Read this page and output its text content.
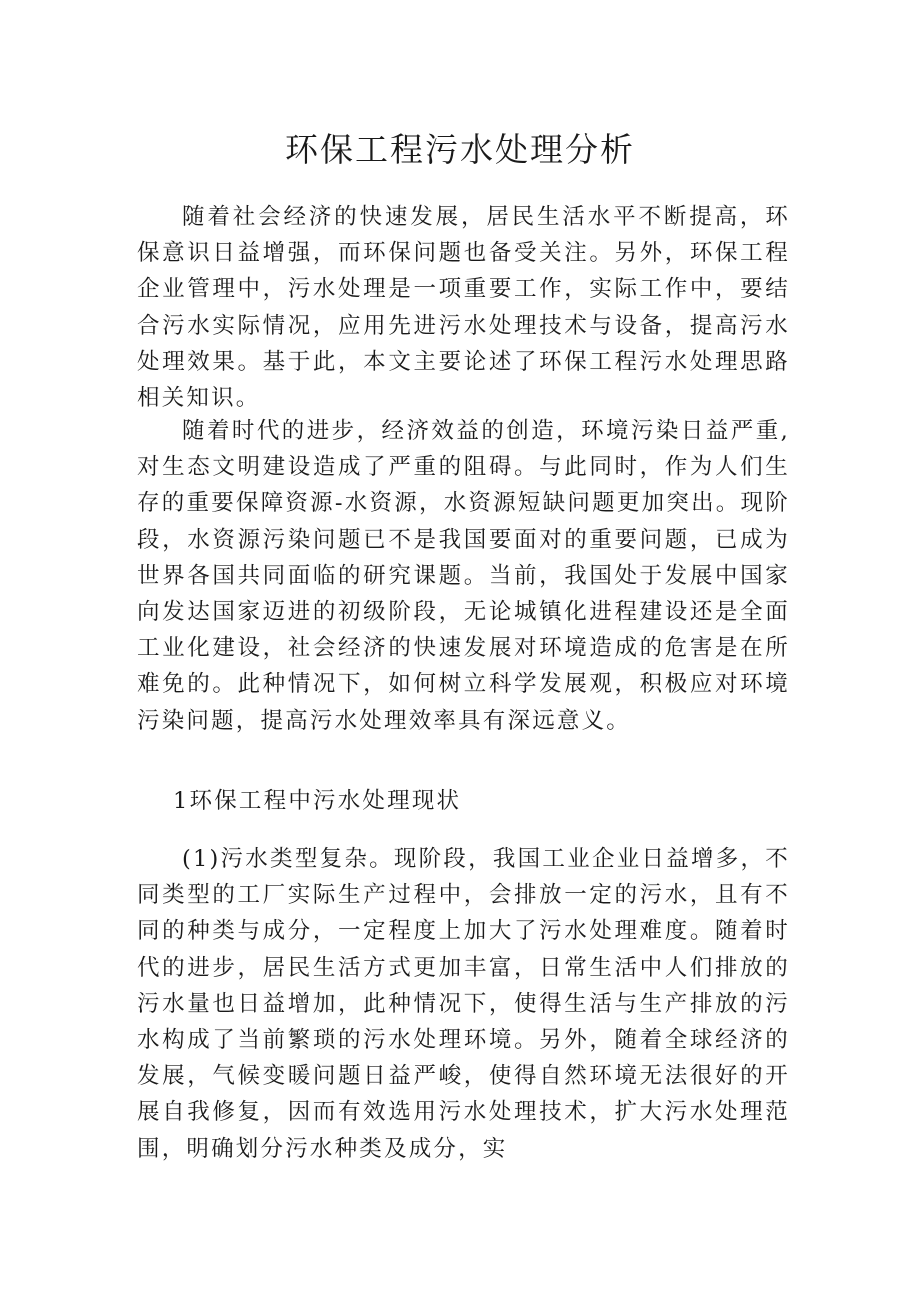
环保工程污水处理分析

随着社会经济的快速发展，居民生活水平不断提高，环保意识日益增强，而环保问题也备受关注。另外，环保工程企业管理中，污水处理是一项重要工作，实际工作中，要结合污水实际情况，应用先进污水处理技术与设备，提高污水处理效果。基于此，本文主要论述了环保工程污水处理思路相关知识。

随着时代的进步，经济效益的创造，环境污染日益严重,对生态文明建设造成了严重的阻碍。与此同时，作为人们生存的重要保障资源-水资源，水资源短缺问题更加突出。现阶段，水资源污染问题已不是我国要面对的重要问题，已成为世界各国共同面临的研究课题。当前，我国处于发展中国家向发达国家迈进的初级阶段，无论城镇化进程建设还是全面工业化建设，社会经济的快速发展对环境造成的危害是在所难免的。此种情况下，如何树立科学发展观，积极应对环境污染问题，提高污水处理效率具有深远意义。

1环保工程中污水处理现状

(1)污水类型复杂。现阶段，我国工业企业日益增多，不同类型的工厂实际生产过程中，会排放一定的污水，且有不同的种类与成分，一定程度上加大了污水处理难度。随着时代的进步，居民生活方式更加丰富，日常生活中人们排放的污水量也日益增加，此种情况下，使得生活与生产排放的污水构成了当前繁琐的污水处理环境。另外，随着全球经济的发展，气候变暖问题日益严峻，使得自然环境无法很好的开展自我修复，因而有效选用污水处理技术，扩大污水处理范围，明确划分污水种类及成分，实
